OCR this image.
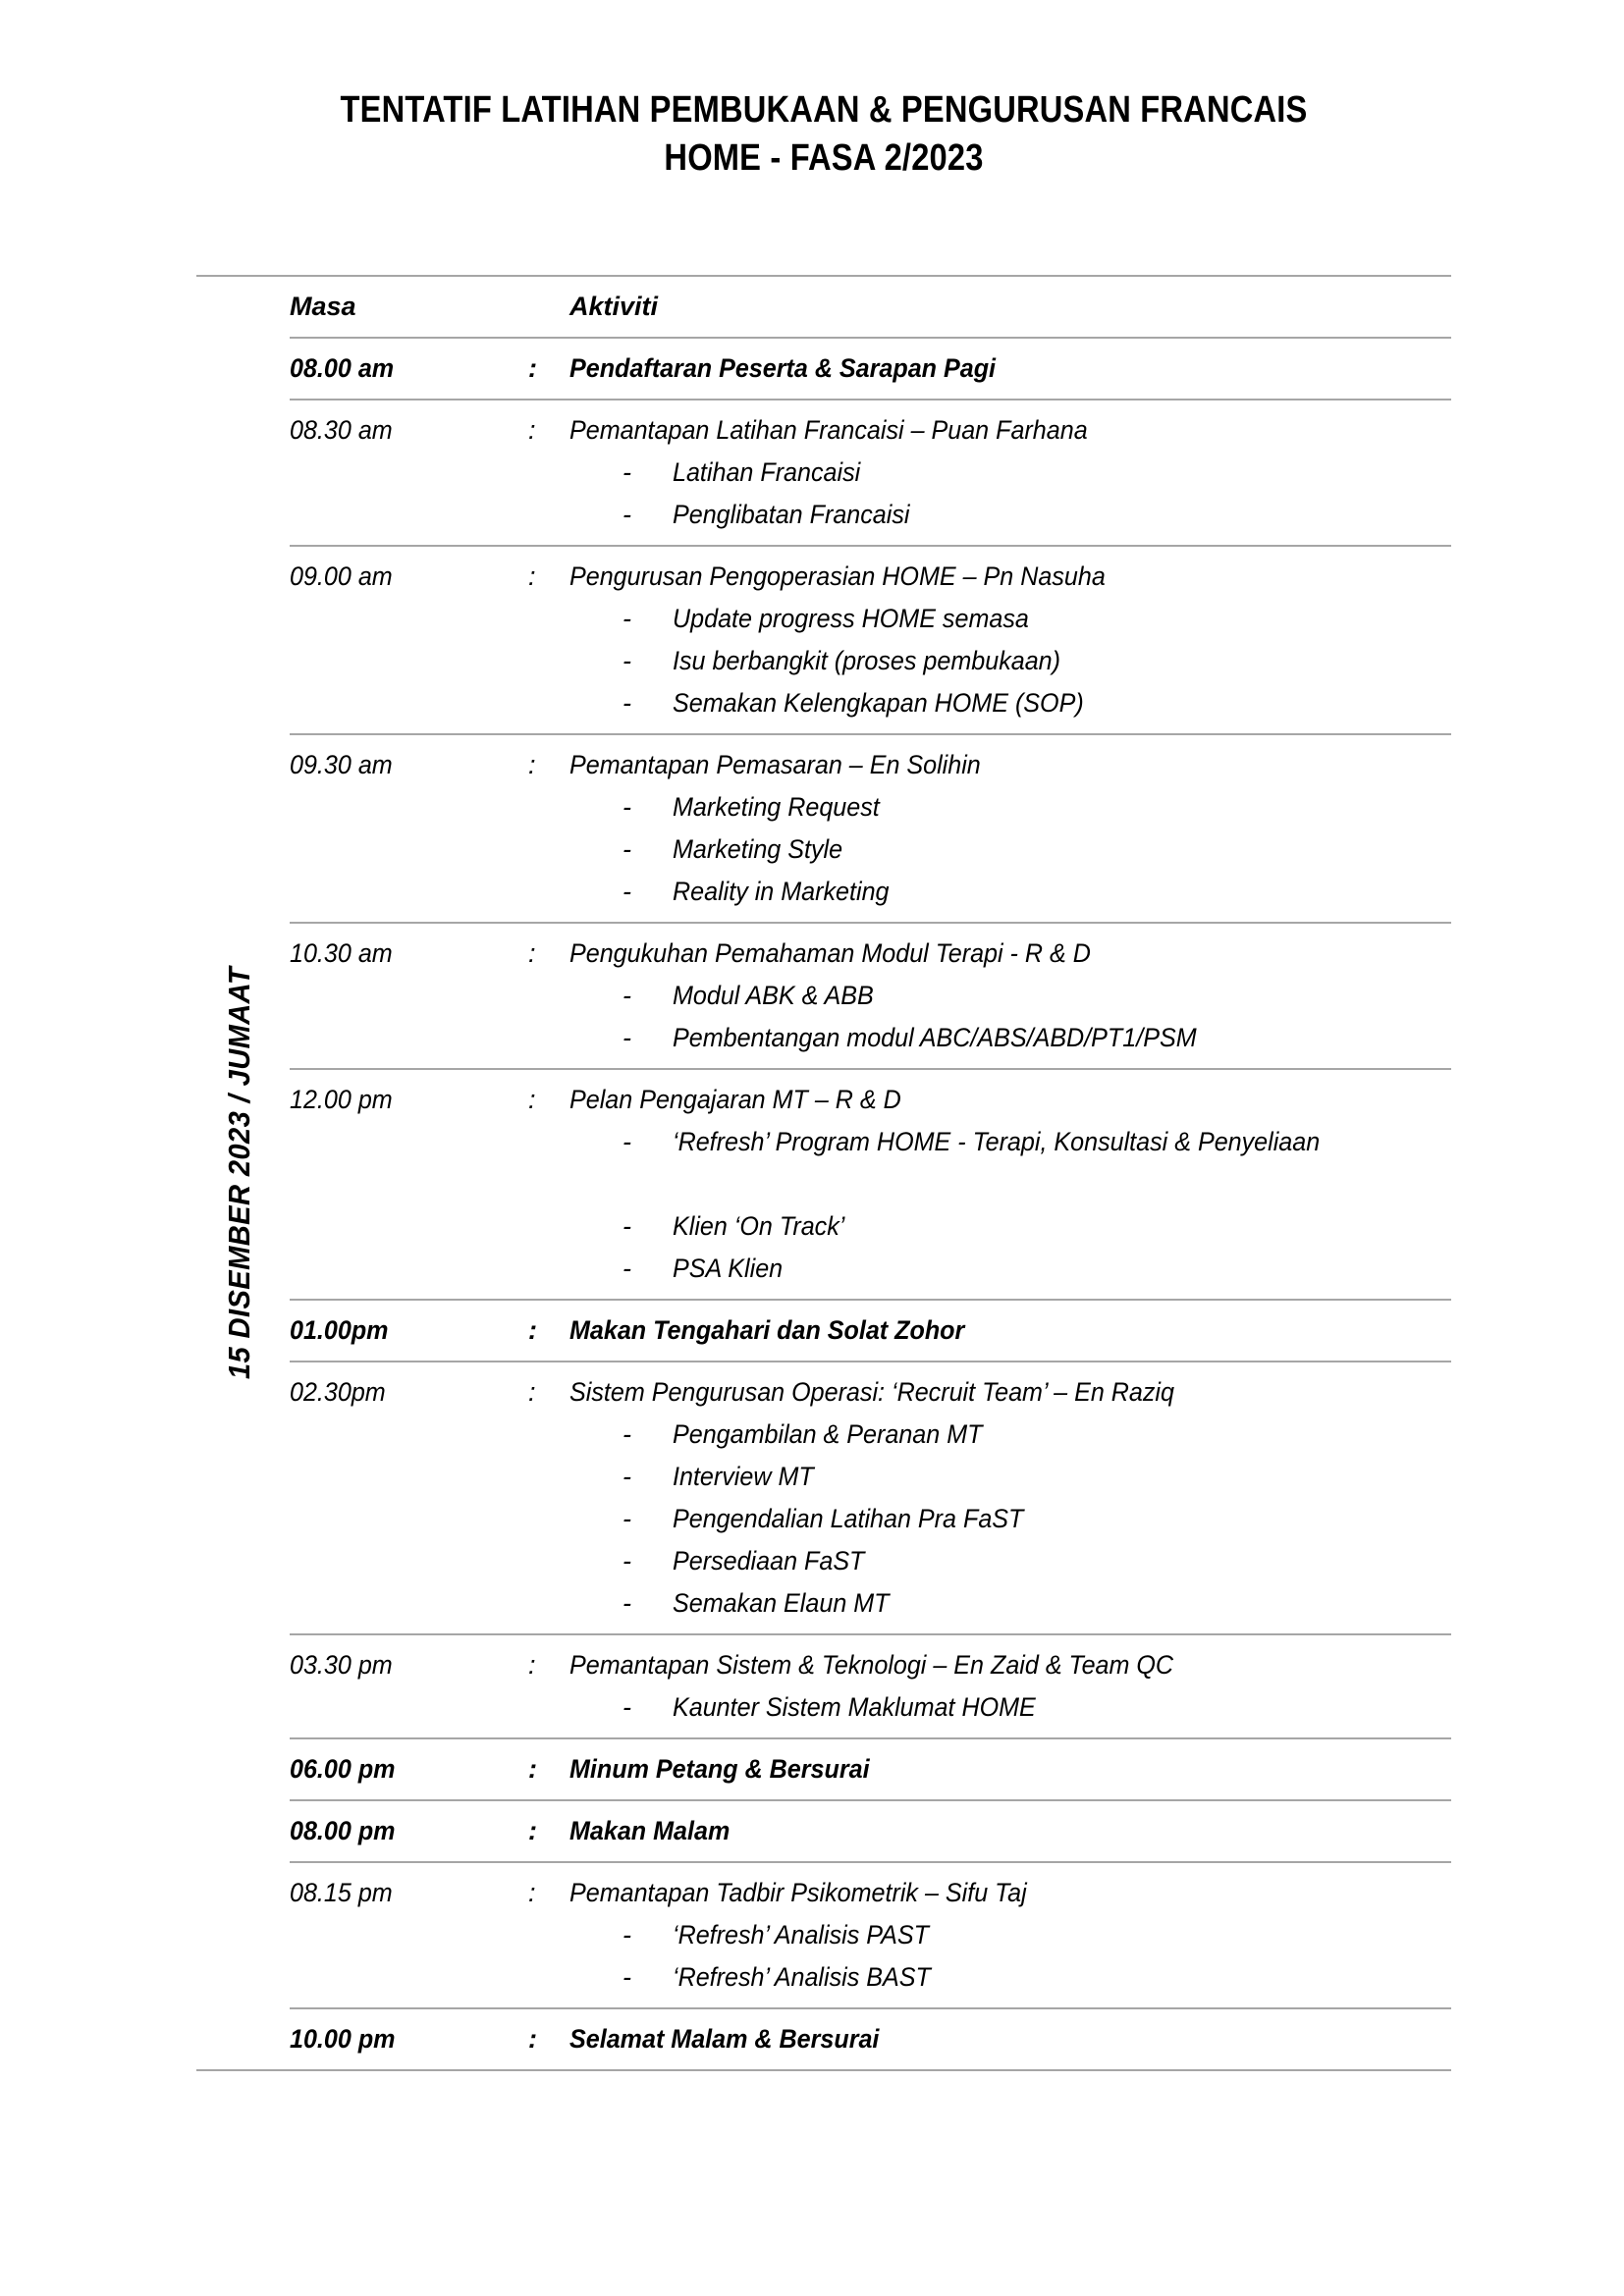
TENTATIF LATIHAN PEMBUKAAN & PENGURUSAN FRANCAIS
HOME - FASA 2/2023
15 DISEMBER 2023 / JUMAAT
Masa	Aktiviti
08.00 am	: Pendaftaran Peserta & Sarapan Pagi
08.30 am	: Pemantapan Latihan Francaisi – Puan Farhana
- Latihan Francaisi
- Penglibatan Francaisi
09.00 am	: Pengurusan Pengoperasian HOME – Pn Nasuha
- Update progress HOME semasa
- Isu berbangkit (proses pembukaan)
- Semakan Kelengkapan HOME (SOP)
09.30 am	: Pemantapan Pemasaran – En Solihin
- Marketing Request
- Marketing Style
- Reality in Marketing
10.30 am	: Pengukuhan Pemahaman Modul Terapi - R & D
- Modul ABK & ABB
- Pembentangan modul ABC/ABS/ABD/PT1/PSM
12.00 pm	: Pelan Pengajaran MT – R & D
- ‘Refresh’ Program HOME - Terapi, Konsultasi & Penyeliaan
- Klien ‘On Track’
- PSA Klien
01.00pm	: Makan Tengahari dan Solat Zohor
02.30pm	: Sistem Pengurusan Operasi: ‘Recruit Team’ – En Raziq
- Pengambilan & Peranan MT
- Interview MT
- Pengendalian Latihan Pra FaST
- Persediaan FaST
- Semakan Elaun MT
03.30 pm	: Pemantapan Sistem & Teknologi – En Zaid & Team QC
- Kaunter Sistem Maklumat HOME
06.00 pm	: Minum Petang & Bersurai
08.00 pm	: Makan Malam
08.15 pm	: Pemantapan Tadbir Psikometrik – Sifu Taj
- ‘Refresh’ Analisis PAST
- ‘Refresh’ Analisis BAST
10.00 pm	: Selamat Malam & Bersurai
